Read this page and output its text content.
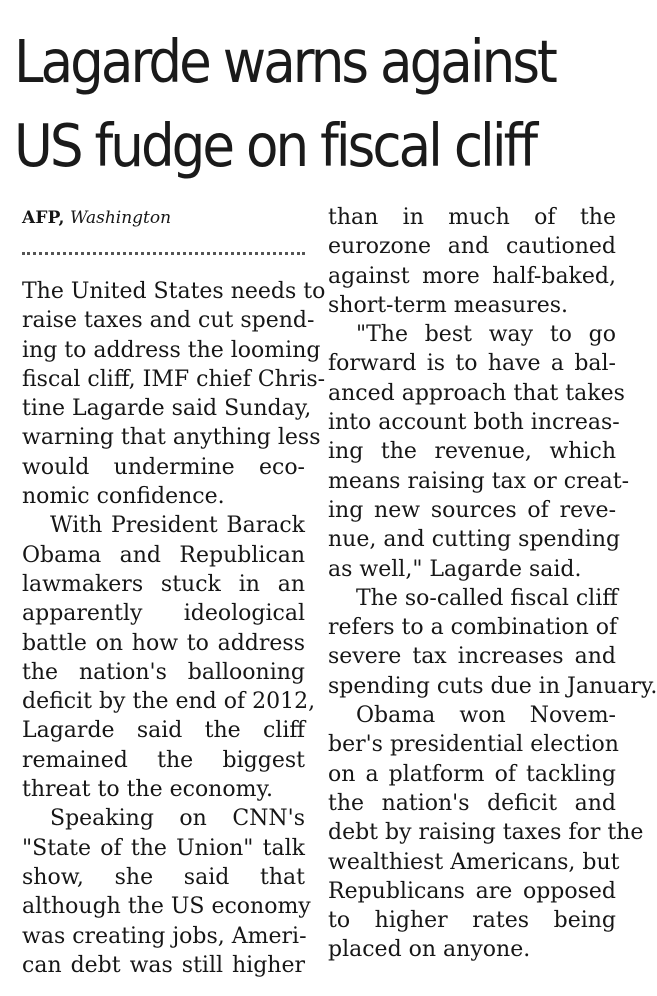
Lagarde warns against
US fudge on fiscal cliff
AFP, Washington
The United States needs to
raise taxes and cut spend-
ing to address the looming
fiscal cliff, IMF chief Chris-
tine Lagarde said Sunday,
warning that anything less
would undermine eco-
nomic confidence.
With President Barack
Obama and Republican
lawmakers stuck in an
apparently ideological
battle on how to address
the nation's ballooning
deficit by the end of 2012,
Lagarde said the cliff
remained the biggest
threat to the economy.
Speaking on CNN's
"State of the Union" talk
show, she said that
although the US economy
was creating jobs, Ameri-
can debt was still higher
than in much of the
eurozone and cautioned
against more half-baked,
short-term measures.
"The best way to go
forward is to have a bal-
anced approach that takes
into account both increas-
ing the revenue, which
means raising tax or creat-
ing new sources of reve-
nue, and cutting spending
as well," Lagarde said.
The so-called fiscal cliff
refers to a combination of
severe tax increases and
spending cuts due in January.
Obama won Novem-
ber's presidential election
on a platform of tackling
the nation's deficit and
debt by raising taxes for the
wealthiest Americans, but
Republicans are opposed
to higher rates being
placed on anyone.
